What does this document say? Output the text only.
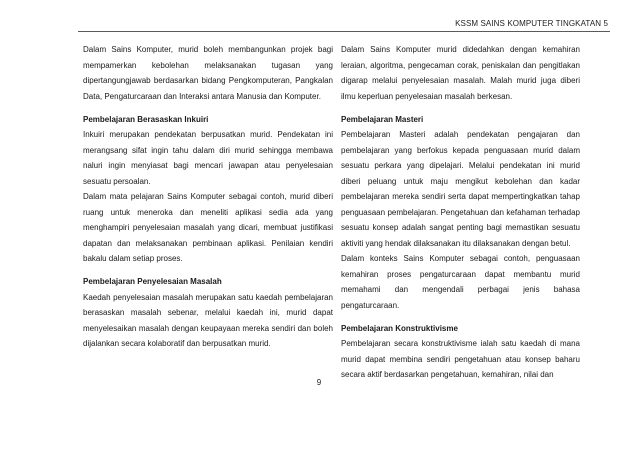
KSSM SAINS KOMPUTER TINGKATAN 5

Dalam Sains Komputer, murid boleh membangunkan projek bagi mempamerkan kebolehan melaksanakan tugasan yang dipertangungjawab berdasarkan bidang Pengkomputeran, Pangkalan Data, Pengaturcaraan dan Interaksi antara Manusia dan Komputer.

Pembelajaran Berasaskan Inkuiri

Inkuiri merupakan pendekatan berpusatkan murid. Pendekatan ini merangsang sifat ingin tahu dalam diri murid sehingga membawa naluri ingin menyiasat bagi mencari jawapan atau penyelesaian sesuatu persoalan.

Dalam mata pelajaran Sains Komputer sebagai contoh, murid diberi ruang untuk meneroka dan meneliti aplikasi sedia ada yang menghampiri penyelesaian masalah yang dicari, membuat justifikasi dapatan dan melaksanakan pembinaan aplikasi. Penilaian kendiri bakalu dalam setiap proses.

Pembelajaran Penyelesaian Masalah

Kaedah penyelesaian masalah merupakan satu kaedah pembelajaran berasaskan masalah sebenar, melalui kaedah ini, murid dapat menyelesaikan masalah dengan keupayaan mereka sendiri dan boleh dijalankan secara kolaboratif dan berpusatkan murid.

Dalam Sains Komputer murid didedahkan dengan kemahiran leraian, algoritma, pengecaman corak, peniskalan dan pengitlakan digarap melalui penyelesaian masalah. Malah murid juga diberi ilmu keperluan penyelesaian masalah berkesan.

Pembelajaran Masteri

Pembelajaran Masteri adalah pendekatan pengajaran dan pembelajaran yang berfokus kepada penguasaan murid dalam sesuatu perkara yang dipelajari. Melalui pendekatan ini murid diberi peluang untuk maju mengikut kebolehan dan kadar pembelajaran mereka sendiri serta dapat mempertingkatkan tahap penguasaan pembelajaran. Pengetahuan dan kefahaman terhadap sesuatu konsep adalah sangat penting bagi memastikan sesuatu aktiviti yang hendak dilaksanakan itu dilaksanakan dengan betul.

Dalam konteks Sains Komputer sebagai contoh, penguasaan kemahiran proses pengaturcaraan dapat membantu murid memahami dan mengendali perbagai jenis bahasa pengaturcaraan.

Pembelajaran Konstruktivisme

Pembelajaran secara konstruktivisme ialah satu kaedah di mana murid dapat membina sendiri pengetahuan atau konsep baharu secara aktif berdasarkan pengetahuan, kemahiran, nilai dan

9
